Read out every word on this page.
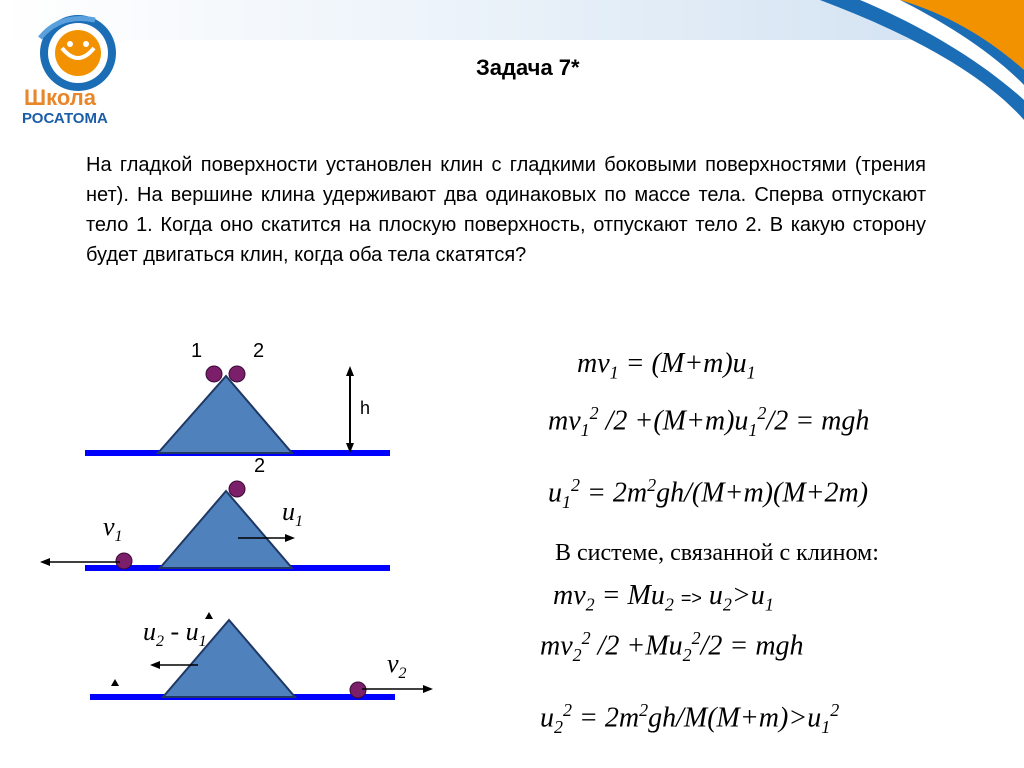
Школа
РОСАТОМА
Задача 7*
На гладкой поверхности установлен клин с гладкими боковыми поверхностями (трения нет). На вершине клина удерживают два одинаковых по массе тела. Сперва отпускают тело 1. Когда оно скатится на плоскую поверхность, отпускают тело 2. В какую сторону будет двигаться клин, когда оба тела скатятся?
1	2
h
2
$u_1$
$v_1$
$u_2 - u_1$
$v_2$
$mv_1 = (M+m)u_1$
$mv_1^2$ $/2 +(M+m)u_1^2/2$ = mgh
$u_1^2 = 2m^2gh/(M+m)(M+2m)$
В системе, связанной с клином:
$mv_2 = Mu_2 => u_2>u_1$
$mv_2^2$ $/2 +Mu_2^2/2$ = mgh
$u_2^2 = 2m^2gh/M(M+m)>u_1^2$
